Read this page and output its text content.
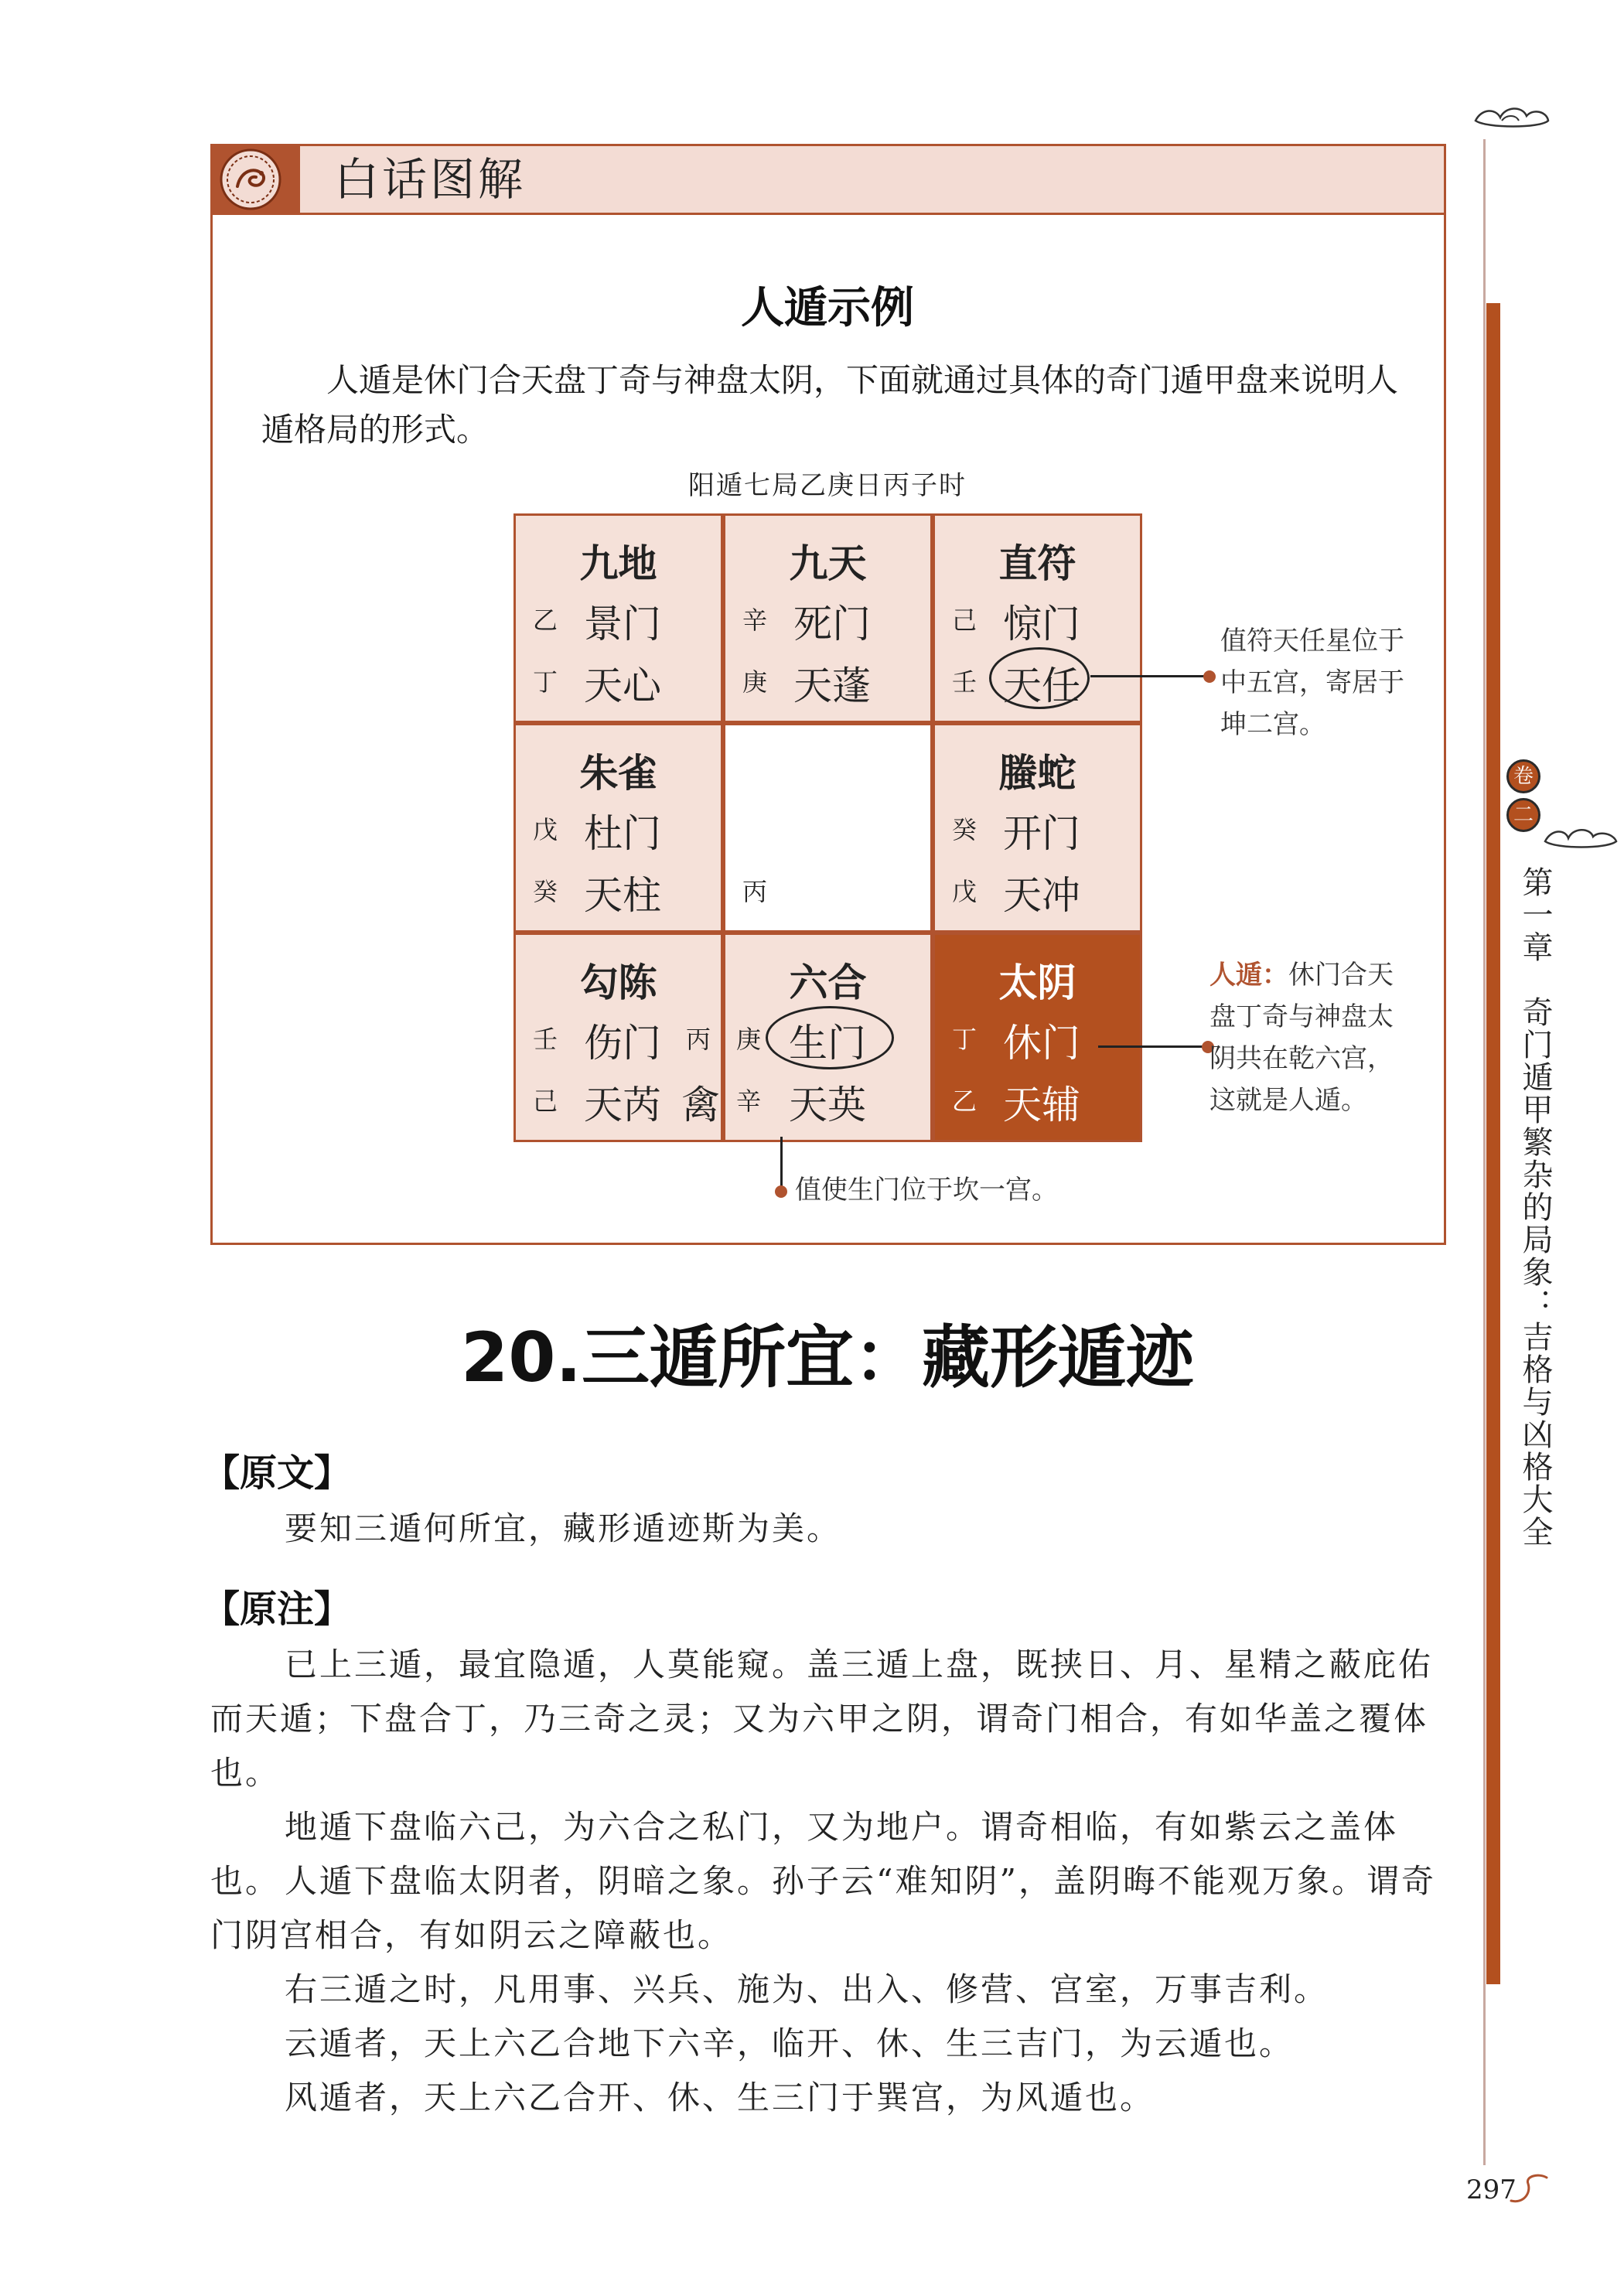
白话图解
人遁示例
人遁是休门合天盘丁奇与神盘太阴，下面就通过具体的奇门遁甲盘来说明人遁格局的形式。
阳遁七局乙庚日丙子时
九地
乙 景门
丁 天心
九天
辛 死门
庚 天蓬
直符
己 惊门
壬 天任
朱雀
戊 杜门
癸 天柱	丙
螣蛇
癸 开门
戊 天冲
勾陈
壬 伤门
己 天芮
丙
禽
六合
庚 生门
辛 天英
太阴
丁 休门
乙 天辅
值符天任星位于
中五宫，寄居于
坤二宫。
值使生门位于坎一宫。
人遁：休门合天
盘丁奇与神盘太
阴共在乾六宫，
这就是人遁。
20.三遁所宜：藏形遁迹
【原文】
要知三遁何所宜，藏形遁迹斯为美。
【原注】
已上三遁，最宜隐遁，人莫能窥。盖三遁上盘，既挟日、月、星精之蔽庇佑而天遁；下盘合丁，乃三奇之灵；又为六甲之阴，谓奇门相合，有如华盖之覆体也。
地遁下盘临六己，为六合之私门，又为地户。谓奇相临，有如紫云之盖体也。 人遁下盘临太阴者，阴暗之象。孙子云“难知阴”，盖阴晦不能观万象。谓奇门阴宫相合，有如阴云之障蔽也。
右三遁之时，凡用事、兴兵、施为、出入、修营、宫室，万事吉利。
云遁者，天上六乙合地下六辛，临开、休、生三吉门，为云遁也。
风遁者，天上六乙合开、休、生三门于巽宫，为风遁也。
卷
二
第一章　奇门遁甲繁杂的局象：吉格与凶格大全
297
